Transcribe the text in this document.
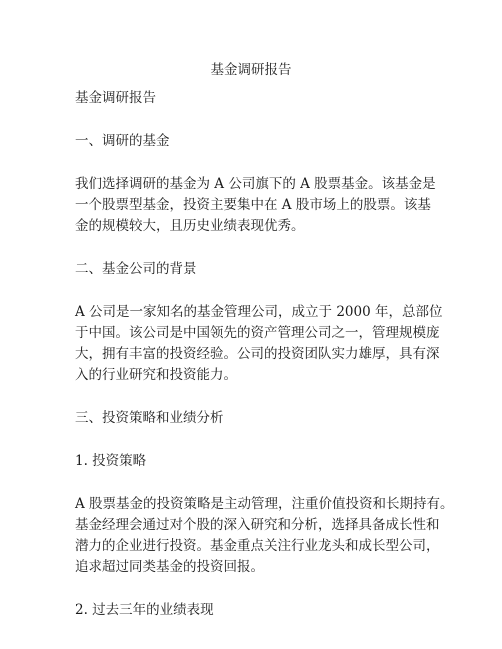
基金调研报告
基金调研报告
一、调研的基金
我们选择调研的基金为 A 公司旗下的 A 股票基金。该基金是
一个股票型基金，投资主要集中在 A 股市场上的股票。该基
金的规模较大，且历史业绩表现优秀。
二、基金公司的背景
A 公司是一家知名的基金管理公司，成立于 2000 年，总部位
于中国。该公司是中国领先的资产管理公司之一，管理规模庞
大，拥有丰富的投资经验。公司的投资团队实力雄厚，具有深
入的行业研究和投资能力。
三、投资策略和业绩分析
1. 投资策略
A 股票基金的投资策略是主动管理，注重价值投资和长期持有。
基金经理会通过对个股的深入研究和分析，选择具备成长性和
潜力的企业进行投资。基金重点关注行业龙头和成长型公司，
追求超过同类基金的投资回报。
2. 过去三年的业绩表现
